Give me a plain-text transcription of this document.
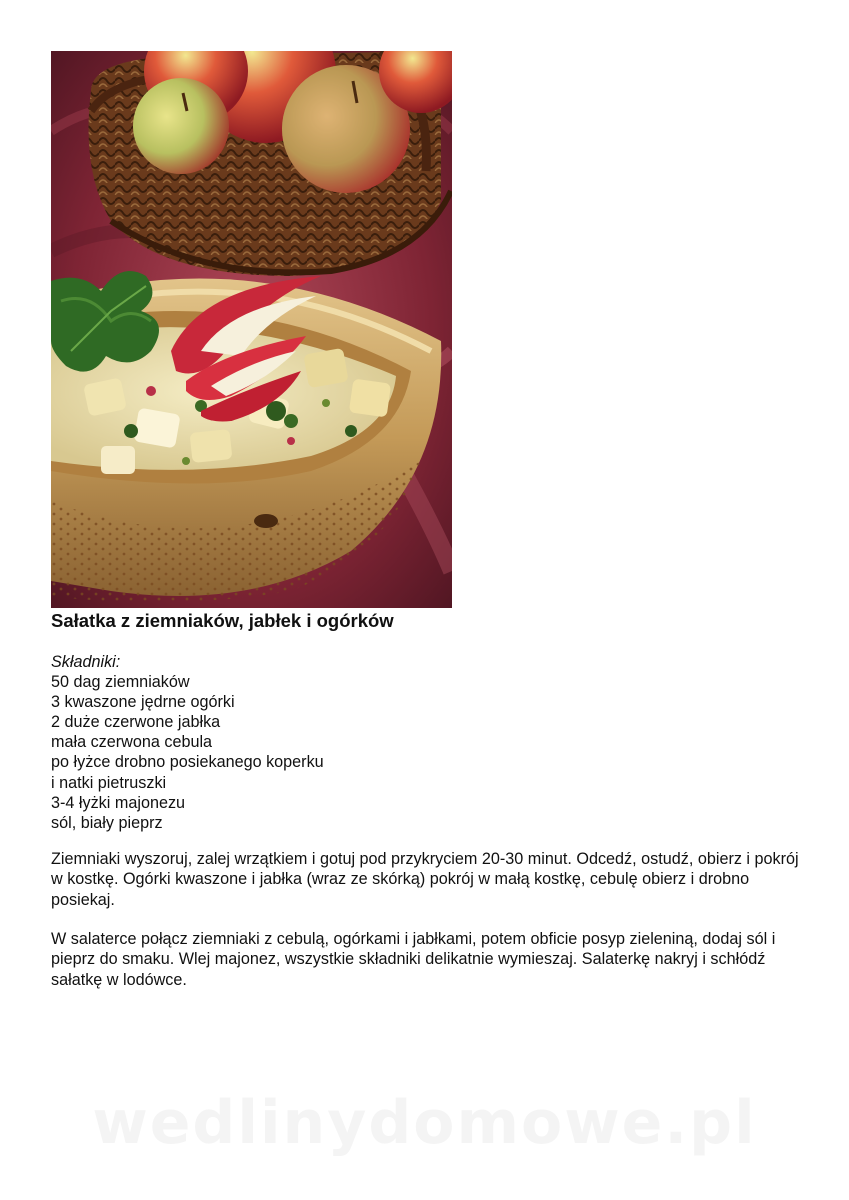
Sałatka z ziemniaków, jabłek i ogórków
Składniki:
50 dag ziemniaków
3 kwaszone jędrne ogórki
2 duże czerwone jabłka
mała czerwona cebula
po łyżce drobno posiekanego koperku
i natki pietruszki
3-4 łyżki majonezu
sól, biały pieprz

Ziemniaki wyszoruj, zalej wrzątkiem i gotuj pod przykryciem 20-30 minut. Odcedź, ostudź, obierz i pokrój w kostkę. Ogórki kwaszone i jabłka (wraz ze skórką) pokrój w małą kostkę, cebulę obierz i drobno posiekaj.

W salaterce połącz ziemniaki z cebulą, ogórkami i jabłkami, potem obficie posyp zieleniną, dodaj sól i pieprz do smaku. Wlej majonez, wszystkie składniki delikatnie wymieszaj. Salaterkę nakryj i schłódź sałatkę w lodówce.

wedlinydomowe.pl
